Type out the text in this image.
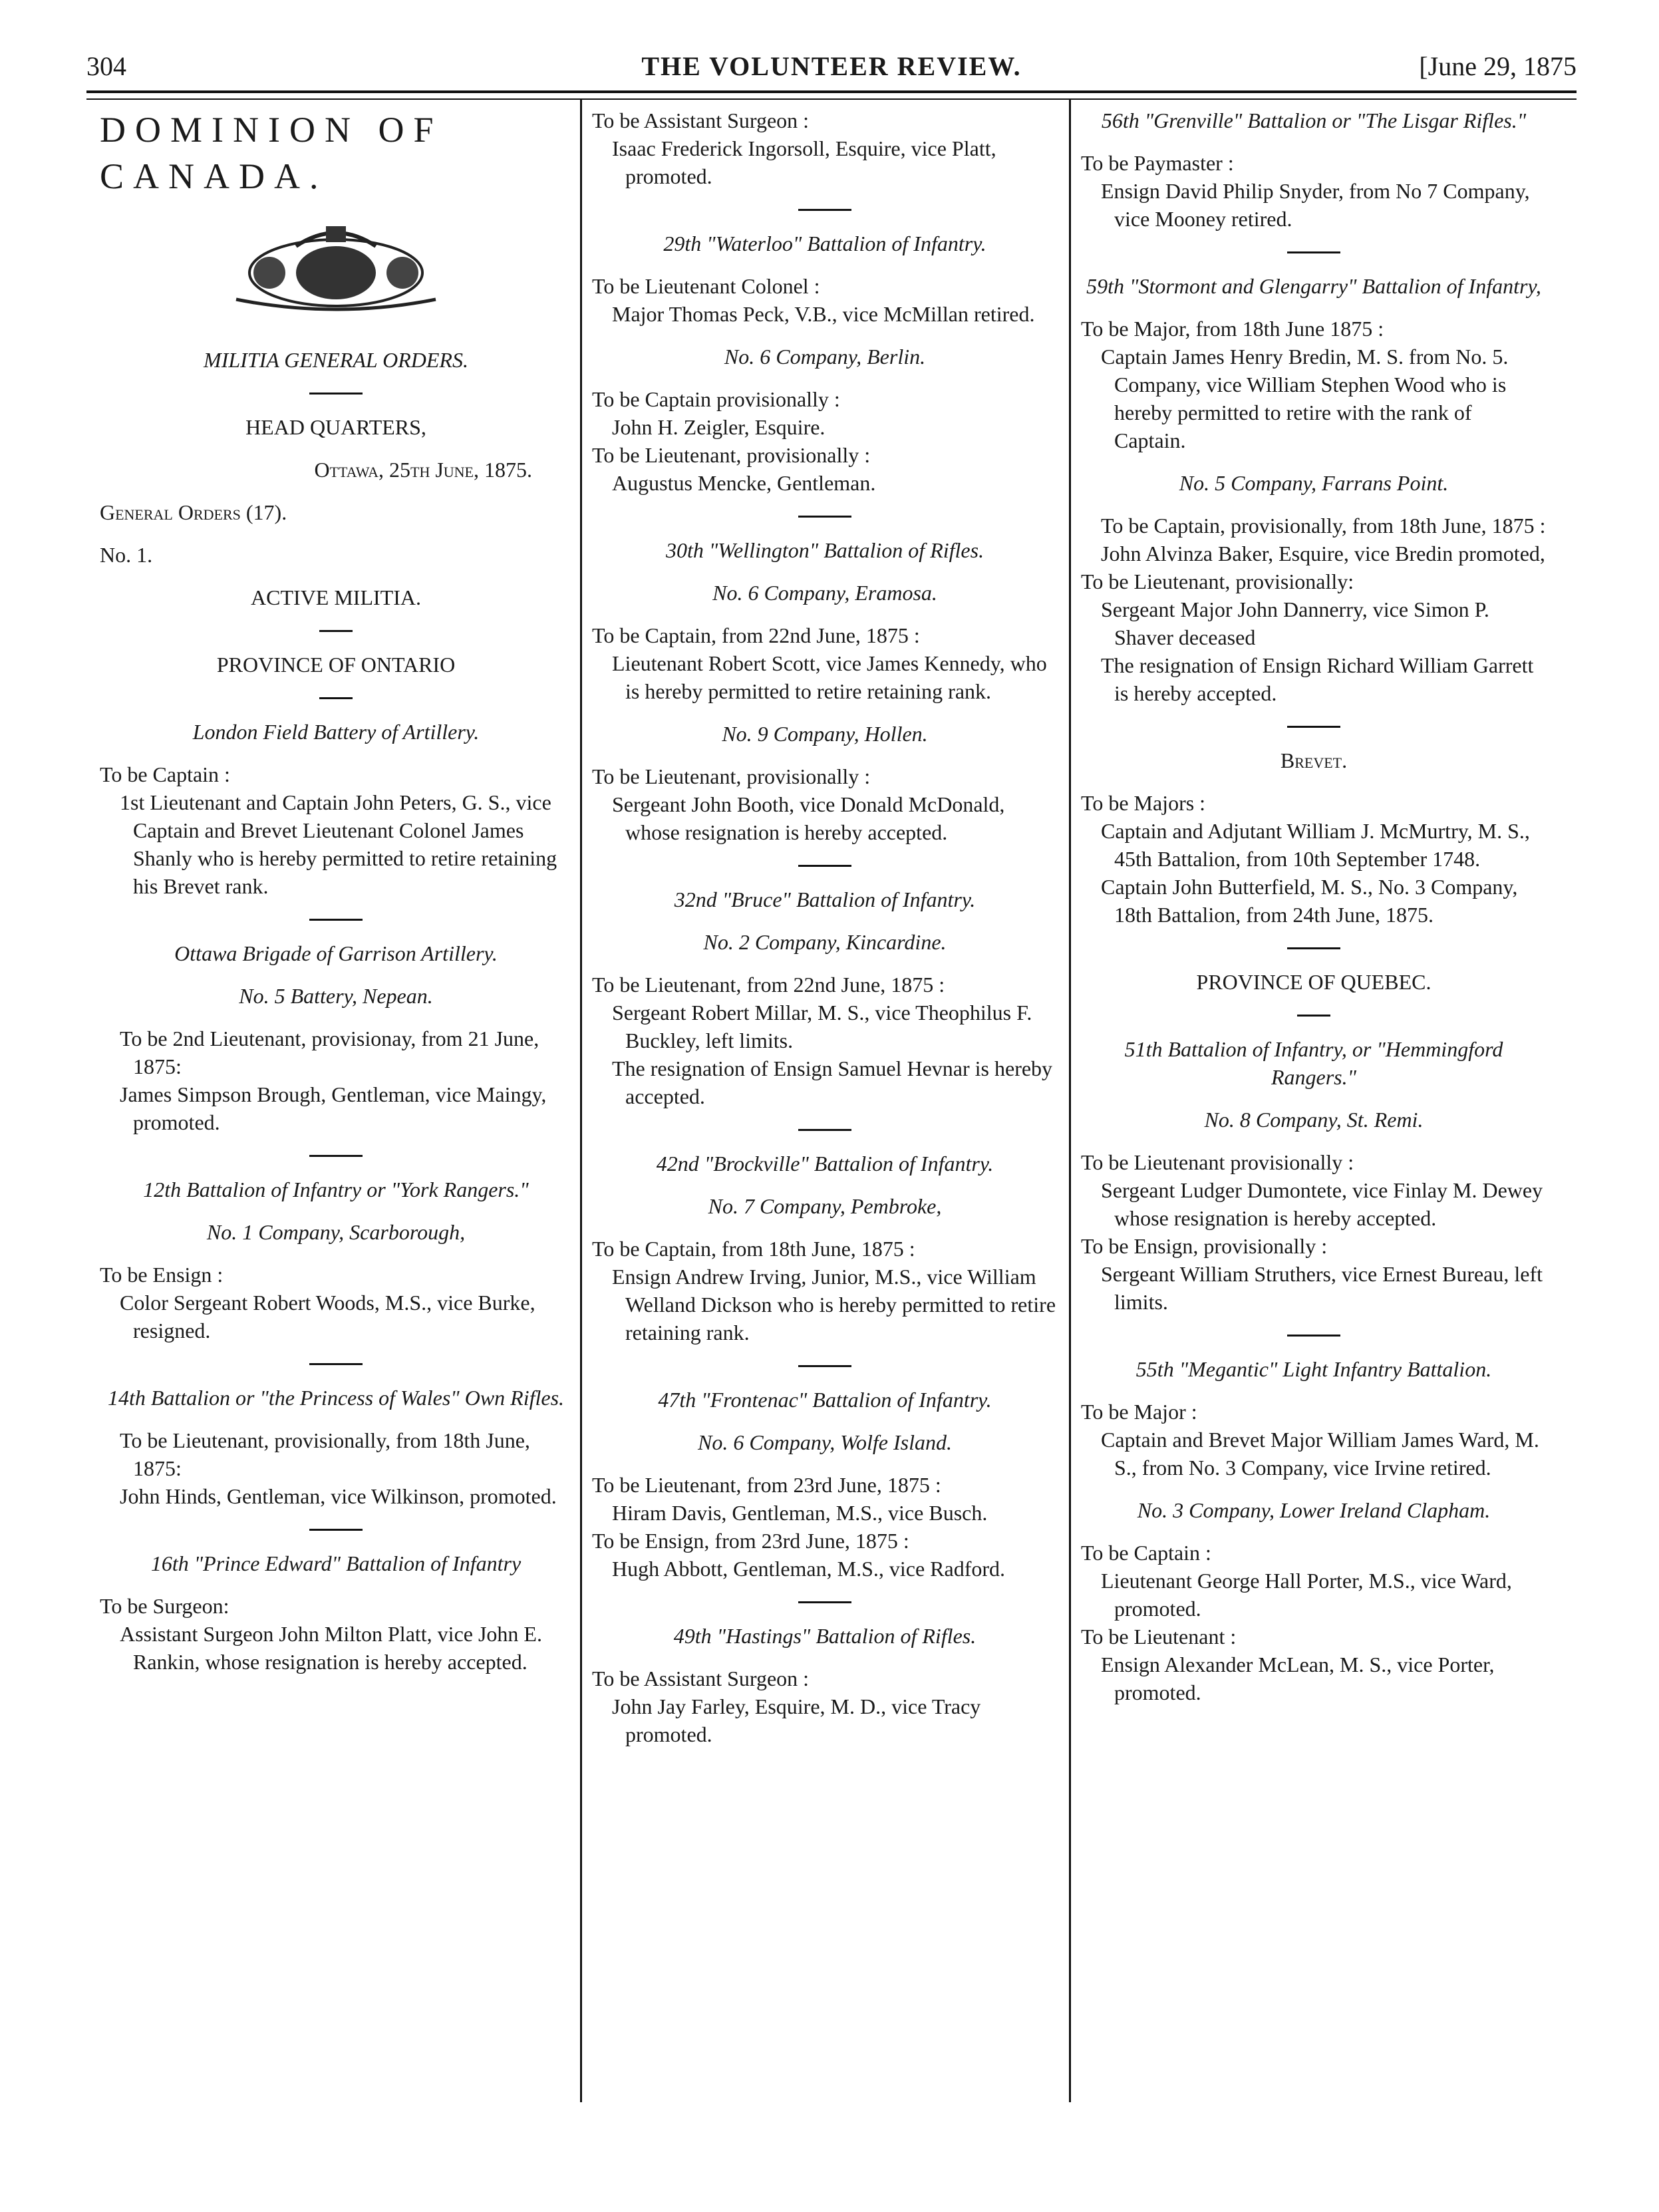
304	THE VOLUNTEER REVIEW.	[June 29, 1875

DOMINION OF CANADA.

MILITIA GENERAL ORDERS.

HEAD QUARTERS,

Ottawa, 25th June, 1875.

General Orders (17).

No. 1.

ACTIVE MILITIA.

PROVINCE OF ONTARIO

London Field Battery of Artillery.

To be Captain :

1st Lieutenant and Captain John Peters, G. S., vice Captain and Brevet Lieutenant Colonel James Shanly who is hereby permitted to retire retaining his Brevet rank.

Ottawa Brigade of Garrison Artillery.

No. 5 Battery, Nepean.

To be 2nd Lieutenant, provisionay, from 21 June, 1875:

James Simpson Brough, Gentleman, vice Maingy, promoted.

12th Battalion of Infantry or "York Rangers."

No. 1 Company, Scarborough,

To be Ensign :

Color Sergeant Robert Woods, M.S., vice Burke, resigned.

14th Battalion or "the Princess of Wales" Own Rifles.

To be Lieutenant, provisionally, from 18th June, 1875:

John Hinds, Gentleman, vice Wilkinson, promoted.

16th "Prince Edward" Battalion of Infantry

To be Surgeon:

Assistant Surgeon John Milton Platt, vice John E. Rankin, whose resignation is hereby accepted.

To be Assistant Surgeon :

Isaac Frederick Ingorsoll, Esquire, vice Platt, promoted.

29th "Waterloo" Battalion of Infantry.

To be Lieutenant Colonel :

Major Thomas Peck, V.B., vice McMillan retired.

No. 6 Company, Berlin.

To be Captain provisionally :

John H. Zeigler, Esquire.

To be Lieutenant, provisionally :

Augustus Mencke, Gentleman.

30th "Wellington" Battalion of Rifles.

No. 6 Company, Eramosa.

To be Captain, from 22nd June, 1875 :

Lieutenant Robert Scott, vice James Kennedy, who is hereby permitted to retire retaining rank.

No. 9 Company, Hollen.

To be Lieutenant, provisionally :

Sergeant John Booth, vice Donald McDonald, whose resignation is hereby accepted.

32nd "Bruce" Battalion of Infantry.

No. 2 Company, Kincardine.

To be Lieutenant, from 22nd June, 1875 :

Sergeant Robert Millar, M. S., vice Theophilus F. Buckley, left limits.

The resignation of Ensign Samuel Hevnar is hereby accepted.

42nd "Brockville" Battalion of Infantry.

No. 7 Company, Pembroke,

To be Captain, from 18th June, 1875 :

Ensign Andrew Irving, Junior, M.S., vice William Welland Dickson who is hereby permitted to retire retaining rank.

47th "Frontenac" Battalion of Infantry.

No. 6 Company, Wolfe Island.

To be Lieutenant, from 23rd June, 1875 :

Hiram Davis, Gentleman, M.S., vice Busch.

To be Ensign, from 23rd June, 1875 :

Hugh Abbott, Gentleman, M.S., vice Radford.

49th "Hastings" Battalion of Rifles.

To be Assistant Surgeon :

John Jay Farley, Esquire, M. D., vice Tracy promoted.

56th "Grenville" Battalion or "The Lisgar Rifles."

To be Paymaster :

Ensign David Philip Snyder, from No 7 Company, vice Mooney retired.

59th "Stormont and Glengarry" Battalion of Infantry,

To be Major, from 18th June 1875 :

Captain James Henry Bredin, M. S. from No. 5. Company, vice William Stephen Wood who is hereby permitted to retire with the rank of Captain.

No. 5 Company, Farrans Point.

To be Captain, provisionally, from 18th June, 1875 :

John Alvinza Baker, Esquire, vice Bredin promoted,

To be Lieutenant, provisionally:

Sergeant Major John Dannerry, vice Simon P. Shaver deceased

The resignation of Ensign Richard William Garrett is hereby accepted.

Brevet.

To be Majors :

Captain and Adjutant William J. McMurtry, M. S., 45th Battalion, from 10th September 1748.

Captain John Butterfield, M. S., No. 3 Company, 18th Battalion, from 24th June, 1875.

PROVINCE OF QUEBEC.

51th Battalion of Infantry, or "Hemmingford Rangers."

No. 8 Company, St. Remi.

To be Lieutenant provisionally :

Sergeant Ludger Dumontete, vice Finlay M. Dewey whose resignation is hereby accepted.

To be Ensign, provisionally :

Sergeant William Struthers, vice Ernest Bureau, left limits.

55th "Megantic" Light Infantry Battalion.

To be Major :

Captain and Brevet Major William James Ward, M. S., from No. 3 Company, vice Irvine retired.

No. 3 Company, Lower Ireland Clapham.

To be Captain :

Lieutenant George Hall Porter, M.S., vice Ward, promoted.

To be Lieutenant :

Ensign Alexander McLean, M. S., vice Porter, promoted.
